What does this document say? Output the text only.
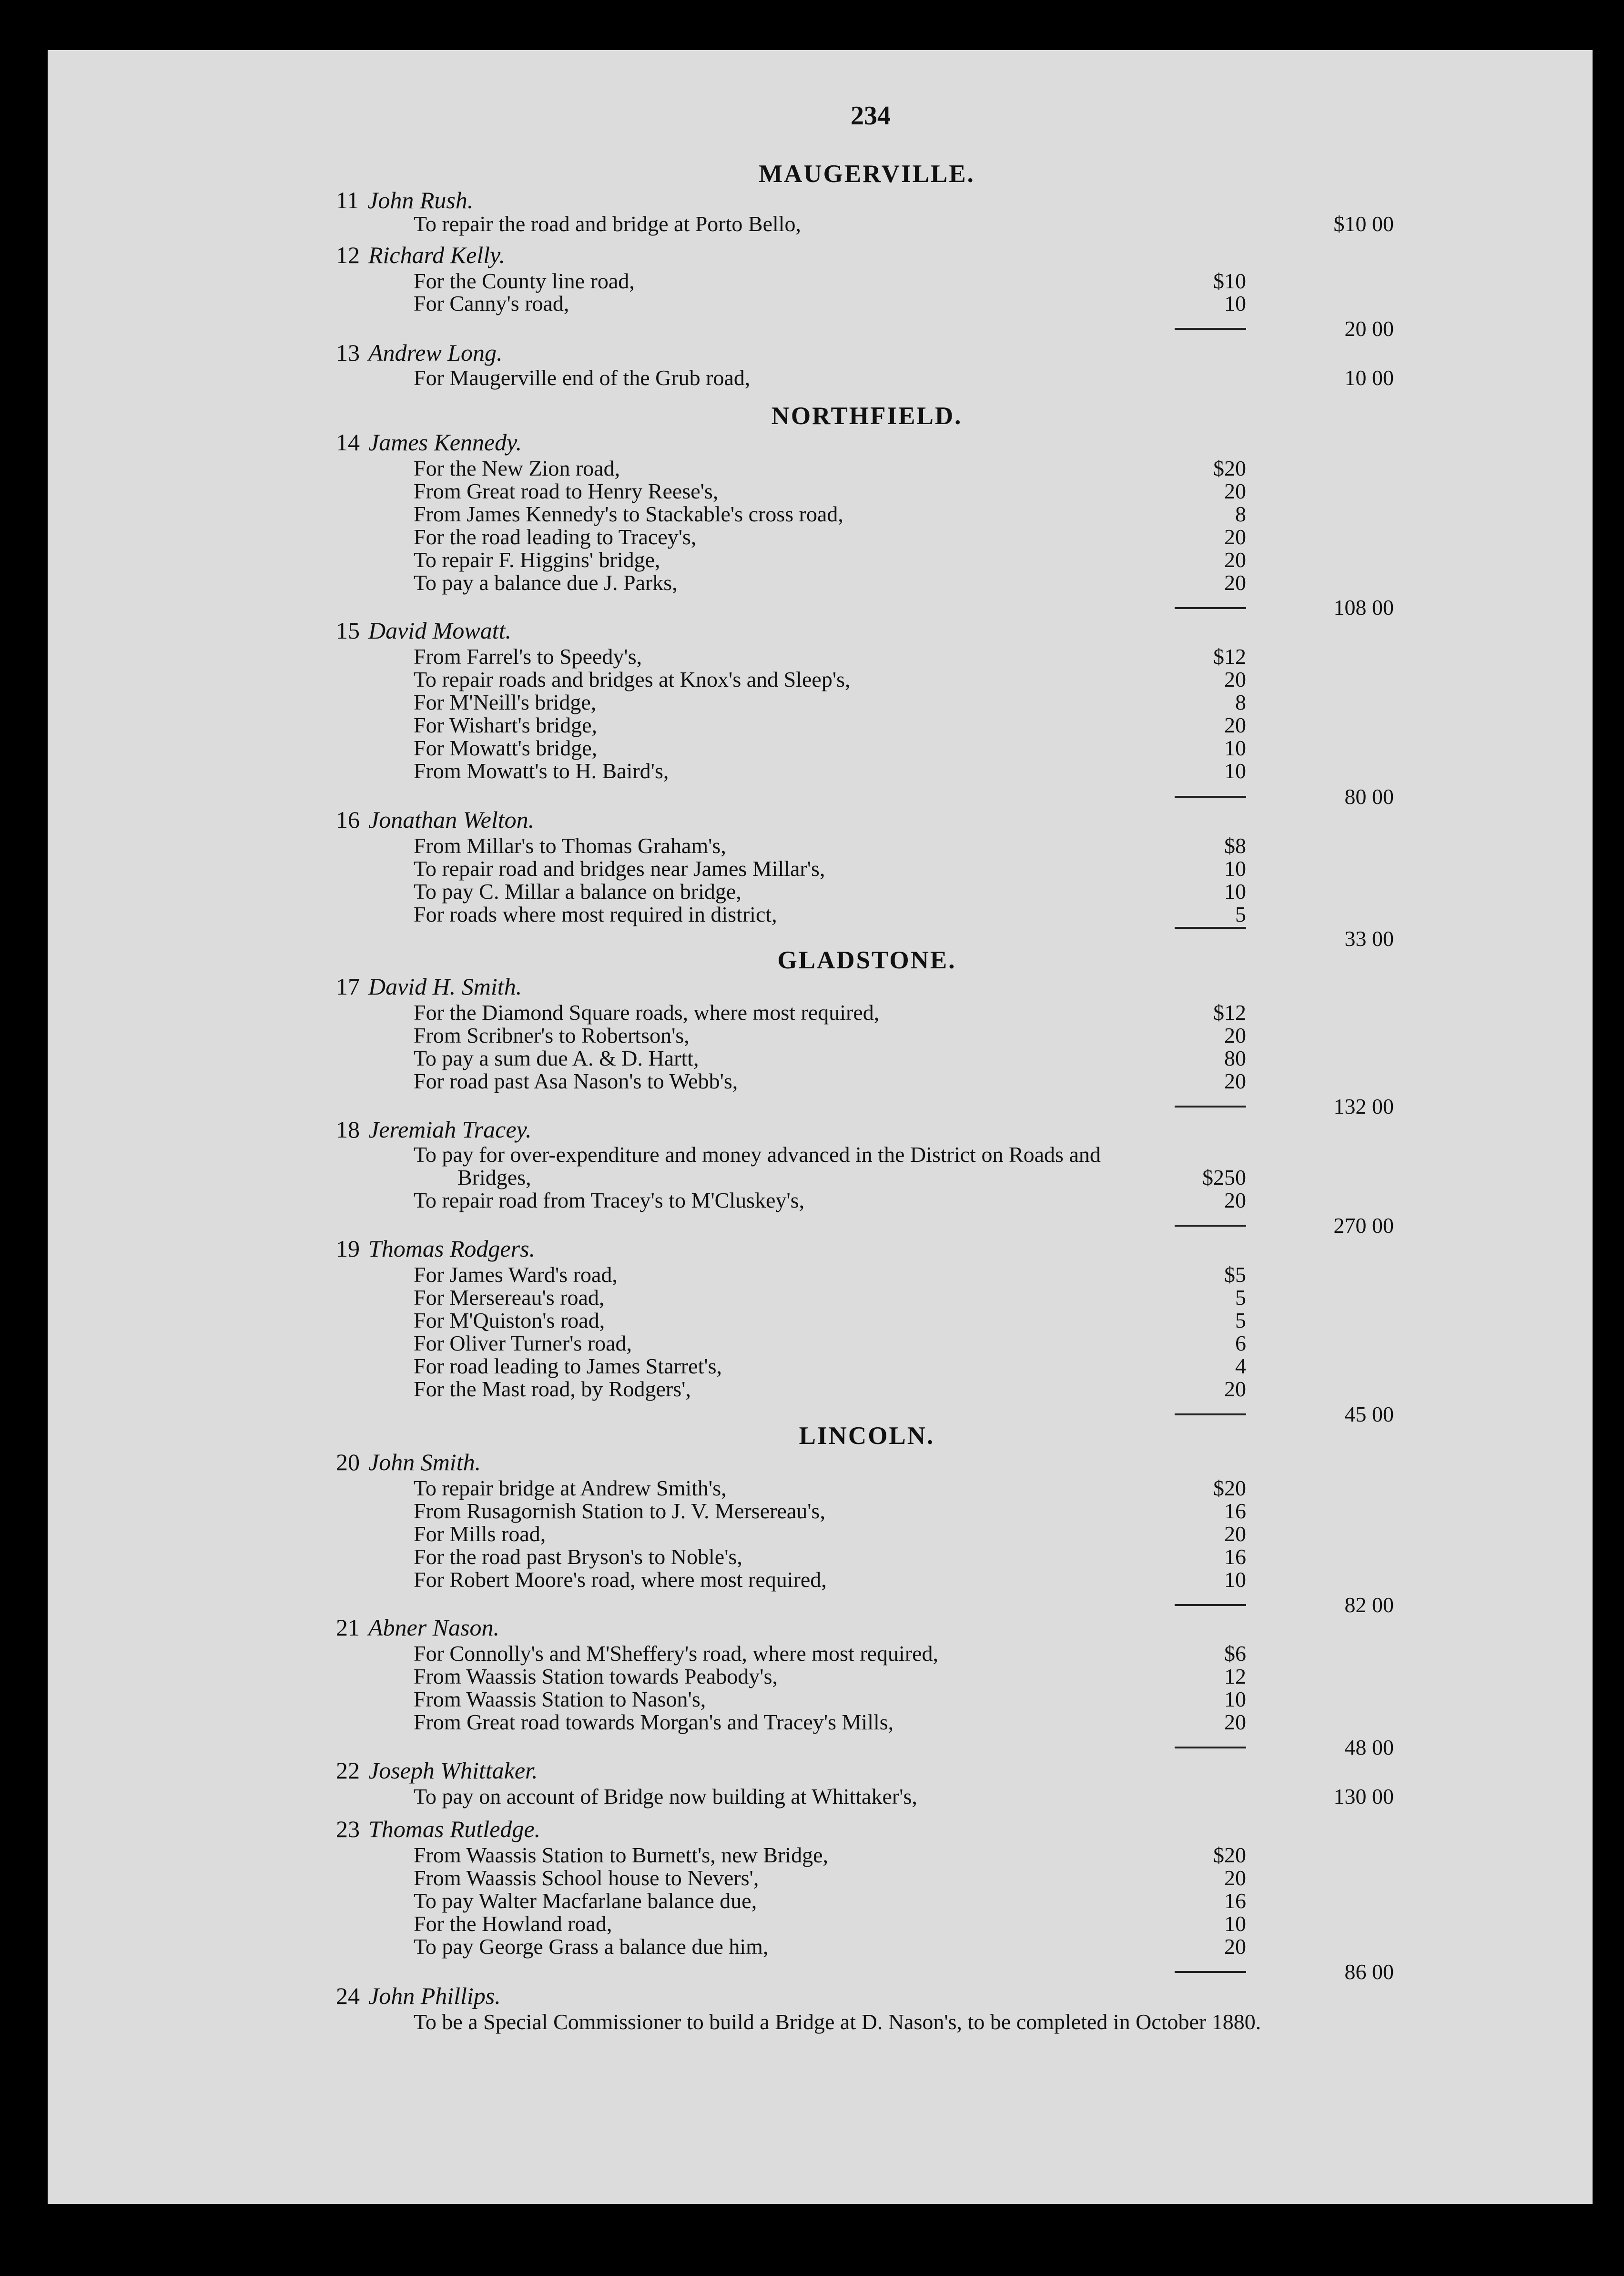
234
MAUGERVILLE.
11 John Rush.
To repair the road and bridge at Porto Bello,	$10 00
12 Richard Kelly.
For the County line road,	$10
For Canny's road,	10
20 00
13 Andrew Long.
For Maugerville end of the Grub road,	10 00
NORTHFIELD.
14 James Kennedy.
For the New Zion road,	$20
From Great road to Henry Reese's,	20
From James Kennedy's to Stackable's cross road,	8
For the road leading to Tracey's,	20
To repair F. Higgins' bridge,	20
To pay a balance due J. Parks,	20
108 00
15 David Mowatt.
From Farrel's to Speedy's,	$12
To repair roads and bridges at Knox's and Sleep's,	20
For M'Neill's bridge,	8
For Wishart's bridge,	20
For Mowatt's bridge,	10
From Mowatt's to H. Baird's,	10
80 00
16 Jonathan Welton.
From Millar's to Thomas Graham's,	$8
To repair road and bridges near James Millar's,	10
To pay C. Millar a balance on bridge,	10
For roads where most required in district,	5
33 00
GLADSTONE.
17 David H. Smith.
For the Diamond Square roads, where most required,	$12
From Scribner's to Robertson's,	20
To pay a sum due A. & D. Hartt,	80
For road past Asa Nason's to Webb's,	20
132 00
18 Jeremiah Tracey.
To pay for over-expenditure and money advanced in the District on Roads and
Bridges,	$250
To repair road from Tracey's to M'Cluskey's,	20
270 00
19 Thomas Rodgers.
For James Ward's road,	$5
For Mersereau's road,	5
For M'Quiston's road,	5
For Oliver Turner's road,	6
For road leading to James Starret's,	4
For the Mast road, by Rodgers',	20
45 00
LINCOLN.
20 John Smith.
To repair bridge at Andrew Smith's,	$20
From Rusagornish Station to J. V. Mersereau's,	16
For Mills road,	20
For the road past Bryson's to Noble's,	16
For Robert Moore's road, where most required,	10
82 00
21 Abner Nason.
For Connolly's and M'Sheffery's road, where most required,	$6
From Waassis Station towards Peabody's,	12
From Waassis Station to Nason's,	10
From Great road towards Morgan's and Tracey's Mills,	20
48 00
22 Joseph Whittaker.
To pay on account of Bridge now building at Whittaker's,	130 00
23 Thomas Rutledge.
From Waassis Station to Burnett's, new Bridge,	$20
From Waassis School house to Nevers',	20
To pay Walter Macfarlane balance due,	16
For the Howland road,	10
To pay George Grass a balance due him,	20
86 00
24 John Phillips.
To be a Special Commissioner to build a Bridge at D. Nason's, to be completed in October 1880.
